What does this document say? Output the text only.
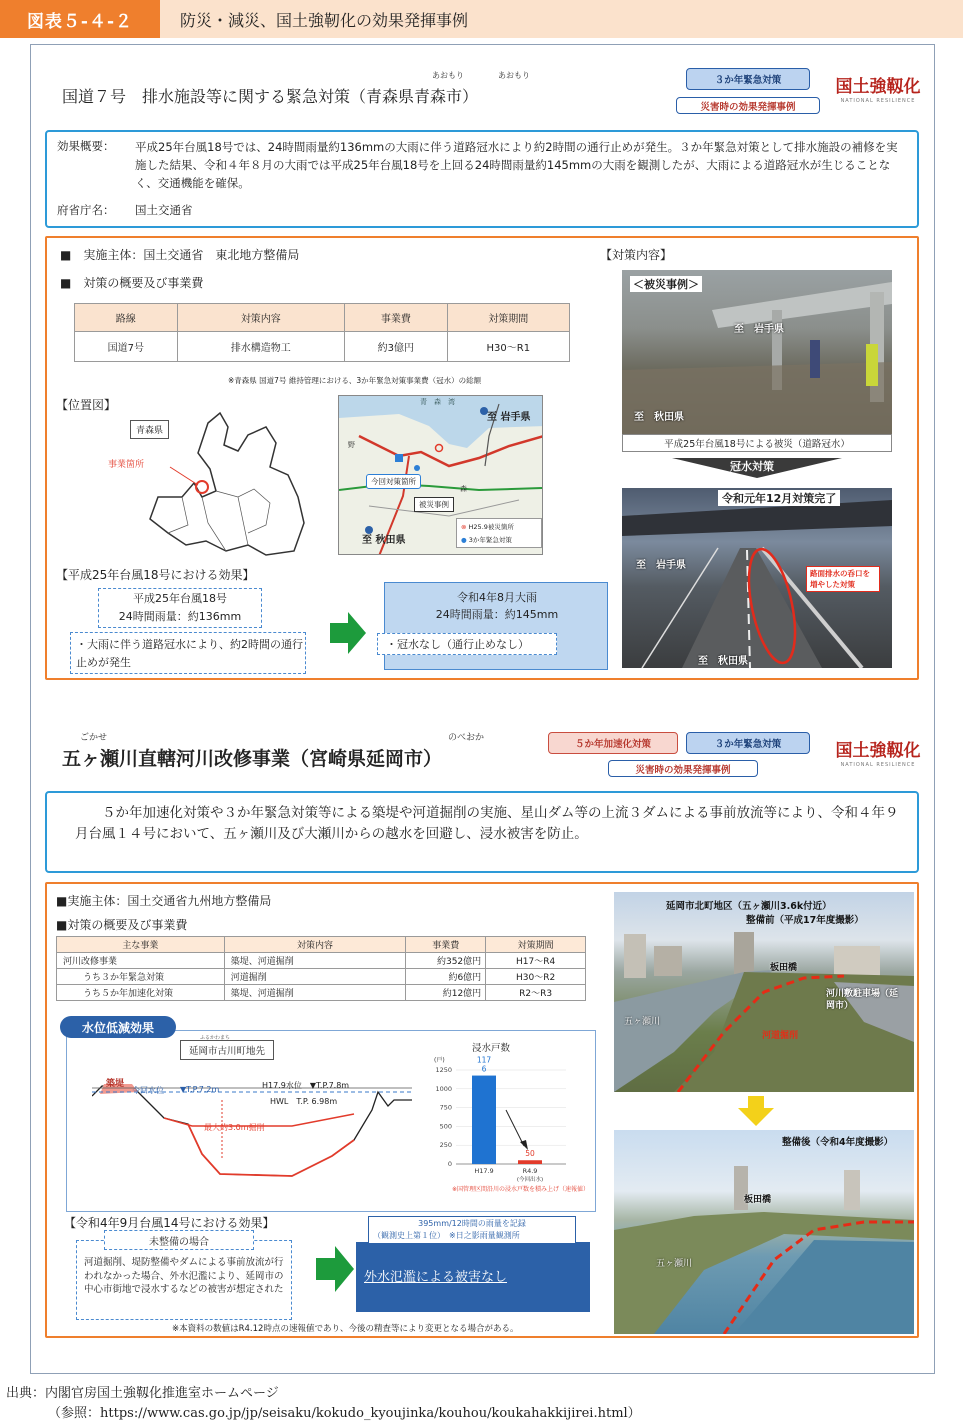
図表５-４-２	防災・減災、国土強靭化の効果発揮事例
あおもり	あおもり
国道７号　排水施設等に関する緊急対策（青森県青森市）
３か年緊急対策
災害時の効果発揮事例
国土強靱化
NATIONAL RESILIENCE
効果概要： 平成25年台風18号では、24時間雨量約136mmの大雨に伴う道路冠水により約2時間の通行止めが発生。３か年緊急対策として排水施設の補修を実施した結果、令和４年８月の大雨では平成25年台風18号を上回る24時間雨量約145mmの大雨を観測したが、大雨による道路冠水が生じることなく、交通機能を確保。
府省庁名： 国土交通省
■　実施主体：国土交通省　東北地方整備局
■　対策の概要及び事業費
路線	対策内容	事業費	対策期間
国道7号	排水構造物工	約3億円	H30～R1
※青森県 国道7号 維持管理における、3か年緊急対策事業費（冠水）の総額
【位置図】
青森県
事業箇所
青　森　湾
至 岩手県
野
森
今回対策箇所
被災事例
至 秋田県
⊗ H25.9被災箇所
● 3か年緊急対策
【対策内容】
＜被災事例＞
至　岩手県
至　秋田県
平成25年台風18号による被災（道路冠水）
冠水対策
令和元年12月対策完了
至　岩手県
至　秋田県
路面排水の呑口を増やした対策
【平成25年台風18号における効果】
平成25年台風18号
24時間雨量：約136mm
・大雨に伴う道路冠水により、約2時間の通行止めが発生
令和4年8月大雨
24時間雨量：約145mm
・冠水なし（通行止めなし）
ごかせ	のべおか
五ヶ瀬川直轄河川改修事業（宮崎県延岡市）
５か年加速化対策	３か年緊急対策
災害時の効果発揮事例
国土強靱化
NATIONAL RESILIENCE
５か年加速化対策や３か年緊急対策等による築堤や河道掘削の実施、星山ダム等の上流３ダムによる事前放流等により、令和４年９月台風１４号において、五ヶ瀬川及び大瀬川からの越水を回避し、浸水被害を防止。
■実施主体：国土交通省九州地方整備局
■対策の概要及び事業費
主な事業	対策内容	事業費	対策期間
河川改修事業	築堤、河道掘削	約352億円	H17～R4
うち３か年緊急対策	河道掘削	約6億円	H30～R2
うち５か年加速化対策	築堤、河道掘削	約12億円	R2～R3
水位低減効果
延岡市古川町地先
ふるかわまち
築堤
今回水位 ▼T.P.7.2m	H17.9水位　▼T.P.7.8m
HWL　T.P. 6.98m
最大約3.0m掘削
浸水戸数
(戸)
0
250
500
750
1000
1250
117
6
H17.9
50
R4.9
(今回出水)
※国管理区間沿川の浸水戸数を積み上げ（速報値）
【令和4年9月台風14号における効果】
未整備の場合
河道掘削、堤防整備やダムによる事前放流が行われなかった場合、外水氾濫により、延岡市の中心市街地で浸水するなどの被害が想定された
395mm/12時間の雨量を記録
（観測史上第１位）　※日之影雨量観測所
外水氾濫による被害なし
※本資料の数値はR4.12時点の速報値であり、今後の精査等により変更となる場合がある。
延岡市北町地区（五ヶ瀬川3.6k付近）
整備前（平成17年度撮影）
板田橋
河川敷駐車場（延岡市）
五ヶ瀬川
河道掘削
整備後（令和4年度撮影）
板田橋
五ヶ瀬川
出典：内閣官房国土強靱化推進室ホームページ
（参照：https://www.cas.go.jp/jp/seisaku/kokudo_kyoujinka/kouhou/koukahakkijirei.html）
